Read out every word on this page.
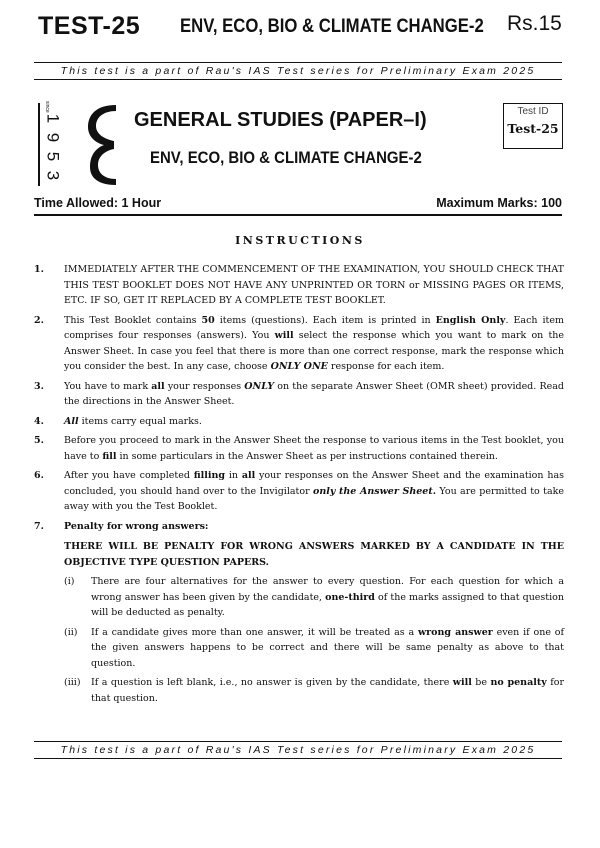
TEST-25 ENV, ECO, BIO & CLIMATE CHANGE-2 Rs.15
This test is a part of Rau's IAS Test series for Preliminary Exam 2025
since
1
9
5
3
GENERAL STUDIES (PAPER–I)
ENV, ECO, BIO & CLIMATE CHANGE-2
Test ID
Test-25
Time Allowed: 1 Hour	Maximum Marks: 100
INSTRUCTIONS
1.	IMMEDIATELY AFTER THE COMMENCEMENT OF THE EXAMINATION, YOU SHOULD CHECK THAT THIS TEST BOOKLET DOES NOT HAVE ANY UNPRINTED OR TORN or MISSING PAGES OR ITEMS, ETC. IF SO, GET IT REPLACED BY A COMPLETE TEST BOOKLET.
2.	This Test Booklet contains 50 items (questions). Each item is printed in English Only. Each item comprises four responses (answers). You will select the response which you want to mark on the Answer Sheet. In case you feel that there is more than one correct response, mark the response which you consider the best. In any case, choose ONLY ONE response for each item.
3.	You have to mark all your responses ONLY on the separate Answer Sheet (OMR sheet) provided. Read the directions in the Answer Sheet.
4.	All items carry equal marks.
5.	Before you proceed to mark in the Answer Sheet the response to various items in the Test booklet, you have to fill in some particulars in the Answer Sheet as per instructions contained therein.
6.	After you have completed filling in all your responses on the Answer Sheet and the examination has concluded, you should hand over to the Invigilator only the Answer Sheet. You are permitted to take away with you the Test Booklet.
7.	Penalty for wrong answers:
THERE WILL BE PENALTY FOR WRONG ANSWERS MARKED BY A CANDIDATE IN THE OBJECTIVE TYPE QUESTION PAPERS.
(i)	There are four alternatives for the answer to every question. For each question for which a wrong answer has been given by the candidate, one-third of the marks assigned to that question will be deducted as penalty.
(ii)	If a candidate gives more than one answer, it will be treated as a wrong answer even if one of the given answers happens to be correct and there will be same penalty as above to that question.
(iii)	If a question is left blank, i.e., no answer is given by the candidate, there will be no penalty for that question.
This test is a part of Rau's IAS Test series for Preliminary Exam 2025
